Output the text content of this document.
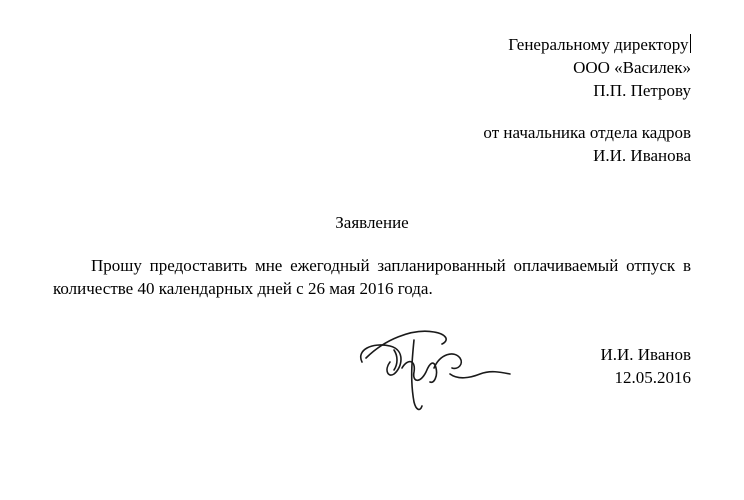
Генеральному директору
ООО «Василек»
П.П. Петрову
от начальника отдела кадров
И.И. Иванова
Заявление

Прошу предоставить мне ежегодный запланированный оплачиваемый отпуск в количестве 40 календарных дней с 26 мая 2016 года.

И.И. Иванов
12.05.2016
